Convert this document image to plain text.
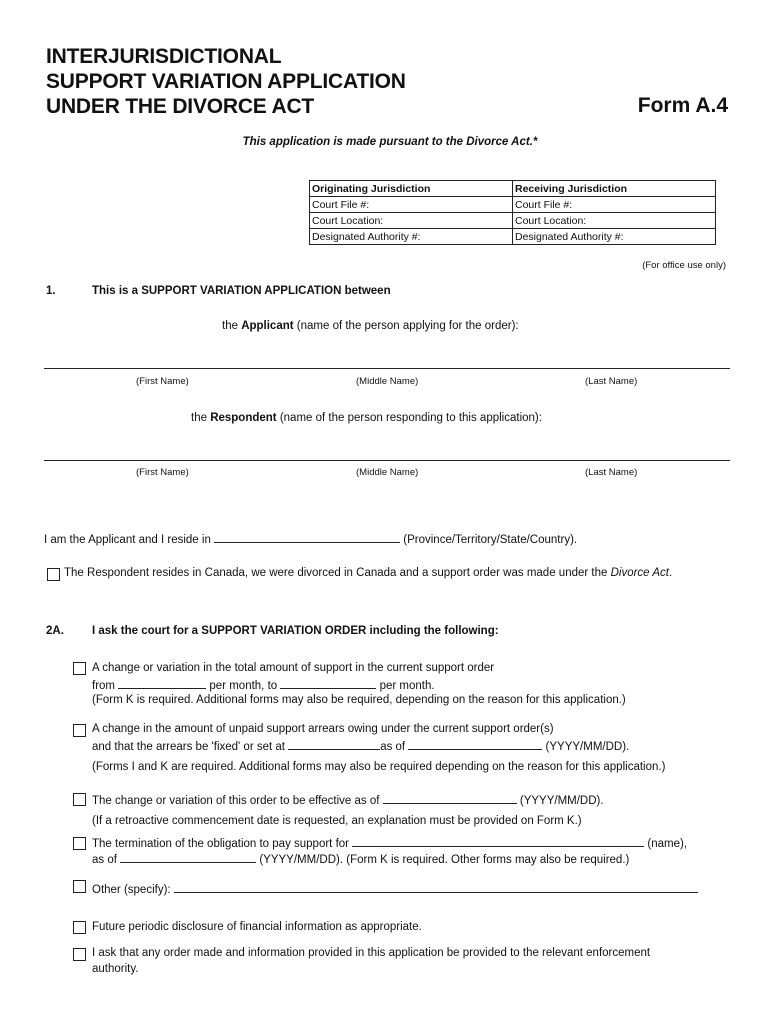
INTERJURISDICTIONAL
SUPPORT VARIATION APPLICATION
UNDER THE DIVORCE ACT	Form A.4
This application is made pursuant to the Divorce Act.*
Originating Jurisdiction	Receiving Jurisdiction
Court File #:	Court File #:
Court Location:	Court Location:
Designated Authority #:	Designated Authority #:
(For office use only)
1.	This is a SUPPORT VARIATION APPLICATION between
the Applicant (name of the person applying for the order):
(First Name)	(Middle Name)	(Last Name)
the Respondent (name of the person responding to this application):
(First Name)	(Middle Name)	(Last Name)
I am the Applicant and I reside in	(Province/Territory/State/Country).
The Respondent resides in Canada, we were divorced in Canada and a support order was made under the Divorce Act.
2A. I ask the court for a SUPPORT VARIATION ORDER including the following:
A change or variation in the total amount of support in the current support order
from	per month, to	per month.
(Form K is required. Additional forms may also be required, depending on the reason for this application.)
A change in the amount of unpaid support arrears owing under the current support order(s)
and that the arrears be 'fixed' or set at	as of	(YYYY/MM/DD).
(Forms I and K are required. Additional forms may also be required depending on the reason for this application.)
The change or variation of this order to be effective as of	(YYYY/MM/DD).
(If a retroactive commencement date is requested, an explanation must be provided on Form K.)
The termination of the obligation to pay support for	(name),
as of	(YYYY/MM/DD). (Form K is required. Other forms may also be required.)
Other (specify):
Future periodic disclosure of financial information as appropriate.
I ask that any order made and information provided in this application be provided to the relevant enforcement
authority.
